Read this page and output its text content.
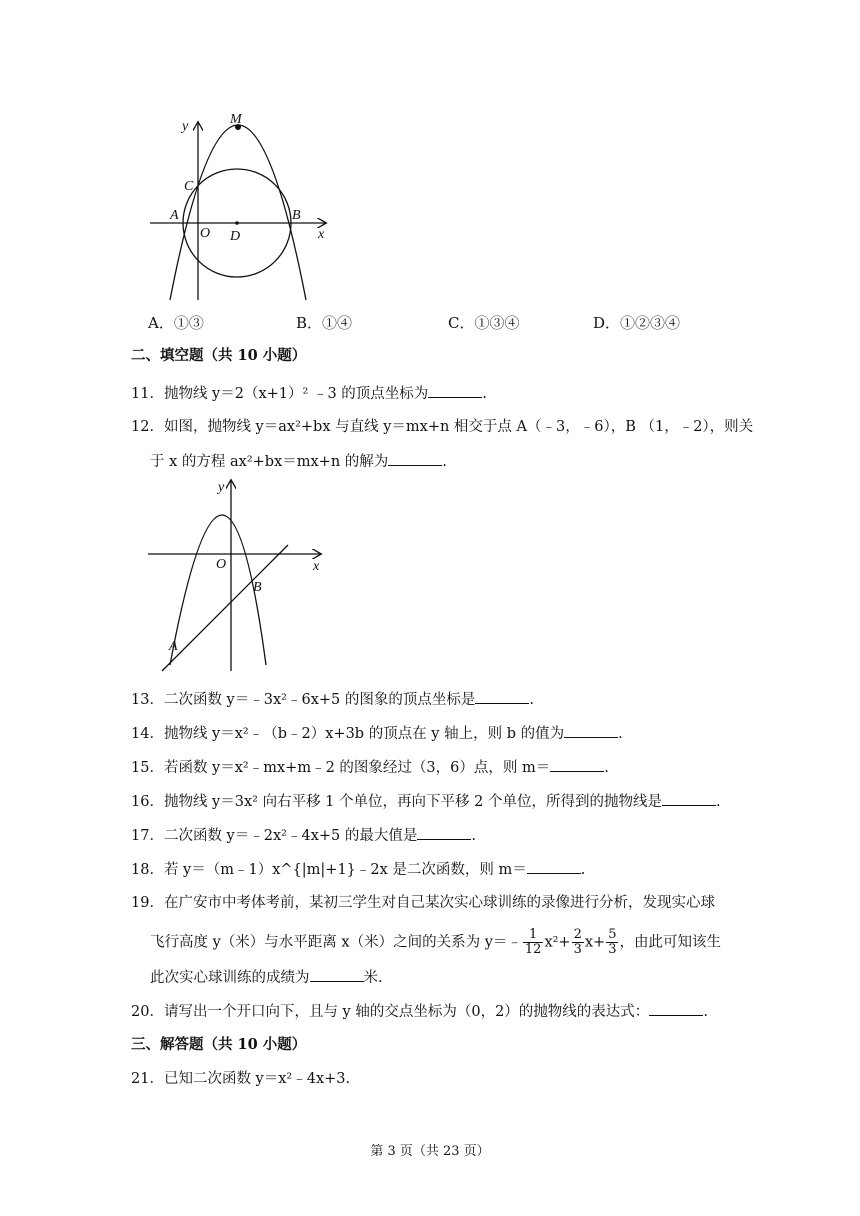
y	M
C
A
O D
B
x
A．①③	B．①④	C．①③④	D．①②③④
二、填空题（共 10 小题）
11．抛物线 y＝2（x+1）² ﹣3 的顶点坐标为	.
12．如图，抛物线 y＝ax²+bx 与直线 y＝mx+n 相交于点 A（﹣3，﹣6），B （1，﹣2），则关
于 x 的方程 ax²+bx＝mx+n 的解为	.
y
O
B
A
x
13．二次函数 y＝﹣3x²﹣6x+5 的图象的顶点坐标是	.
14．抛物线 y＝x²﹣（b﹣2）x+3b 的顶点在 y 轴上，则 b 的值为	.
15．若函数 y＝x²﹣mx+m﹣2 的图象经过（3，6）点，则 m＝	.
16．抛物线 y＝3x² 向右平移 1 个单位，再向下平移 2 个单位，所得到的抛物线是	.
17．二次函数 y＝﹣2x²﹣4x+5 的最大值是	.
18．若 y＝（m﹣1）x^{|m|+1}﹣2x 是二次函数，则 m＝	.
19．在广安市中考体考前，某初三学生对自己某次实心球训练的录像进行分析，发现实心球
飞行高度 y（米）与水平距离 x（米）之间的关系为 y＝﹣ $\frac{1}{12} x^2+ \frac{2}{3} x+ \frac{5}{3}$ ，由此可知该生
此次实心球训练的成绩为	米.
20．请写出一个开口向下，且与 y 轴的交点坐标为（0，2）的抛物线的表达式：	.
三、解答题（共 10 小题）
21．已知二次函数 y＝x²﹣4x+3.
第 3 页（共 23 页）
